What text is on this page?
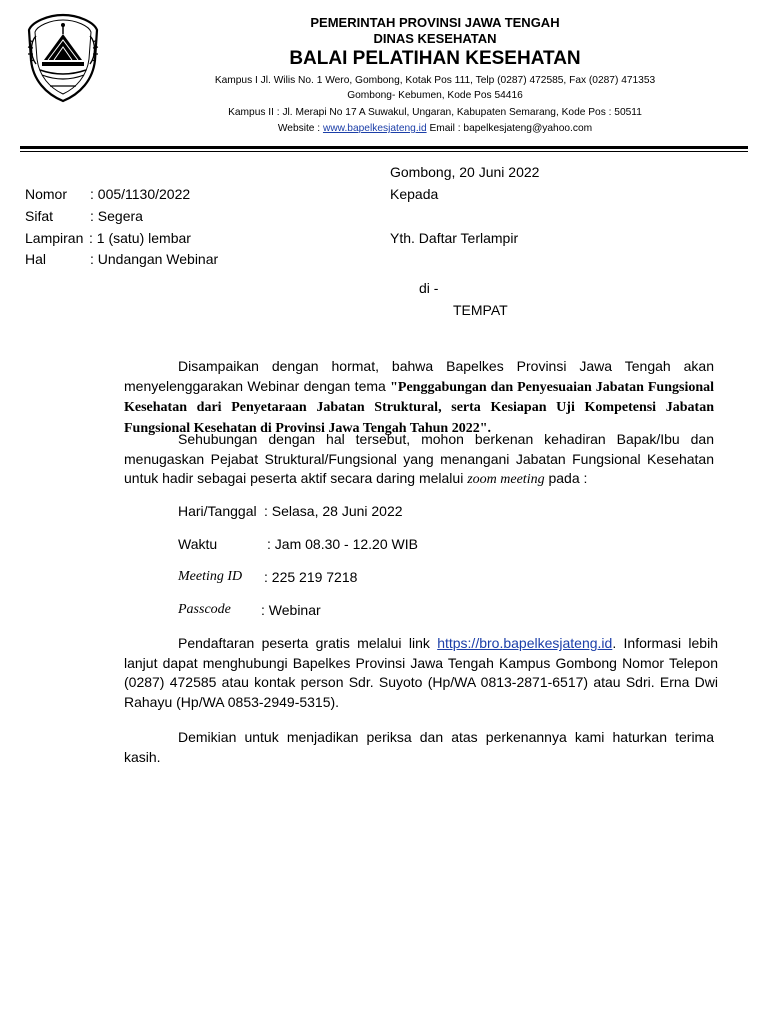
PEMERINTAH PROVINSI JAWA TENGAH
DINAS KESEHATAN
BALAI PELATIHAN KESEHATAN
Kampus I Jl. Wilis No. 1 Wero, Gombong, Kotak Pos 111, Telp (0287) 472585, Fax (0287) 471353
Gombong- Kebumen, Kode Pos 54416
Kampus II : Jl. Merapi No 17 A Suwakul, Ungaran, Kabupaten Semarang, Kode Pos : 50511
Website : www.bapelkesjateng.id Email : bapelkesjateng@yahoo.com
Gombong, 20 Juni 2022
Nomor : 005/1130/2022
Sifat	: Segera
Lampiran : 1 (satu) lembar
Hal	: Undangan Webinar
Kepada
Yth. Daftar Terlampir
di -
TEMPAT
Disampaikan dengan hormat, bahwa Bapelkes Provinsi Jawa Tengah akan menyelenggarakan Webinar dengan tema "Penggabungan dan Penyesuaian Jabatan Fungsional Kesehatan dari Penyetaraan Jabatan Struktural, serta Kesiapan Uji Kompetensi Jabatan Fungsional Kesehatan di Provinsi Jawa Tengah Tahun 2022".
Sehubungan dengan hal tersebut, mohon berkenan kehadiran Bapak/Ibu dan menugaskan Pejabat Struktural/Fungsional yang menangani Jabatan Fungsional Kesehatan untuk hadir sebagai peserta aktif secara daring melalui zoom meeting pada :
Hari/Tanggal : Selasa, 28 Juni 2022
Waktu	: Jam 08.30 - 12.20 WIB
Meeting ID : 225 219 7218
Passcode : Webinar
Pendaftaran peserta gratis melalui link https://bro.bapelkesjateng.id. Informasi lebih lanjut dapat menghubungi Bapelkes Provinsi Jawa Tengah Kampus Gombong Nomor Telepon (0287) 472585 atau kontak person Sdr. Suyoto (Hp/WA 0813-2871-6517) atau Sdri. Erna Dwi Rahayu (Hp/WA 0853-2949-5315).
Demikian untuk menjadikan periksa dan atas perkenannya kami haturkan terima kasih.
